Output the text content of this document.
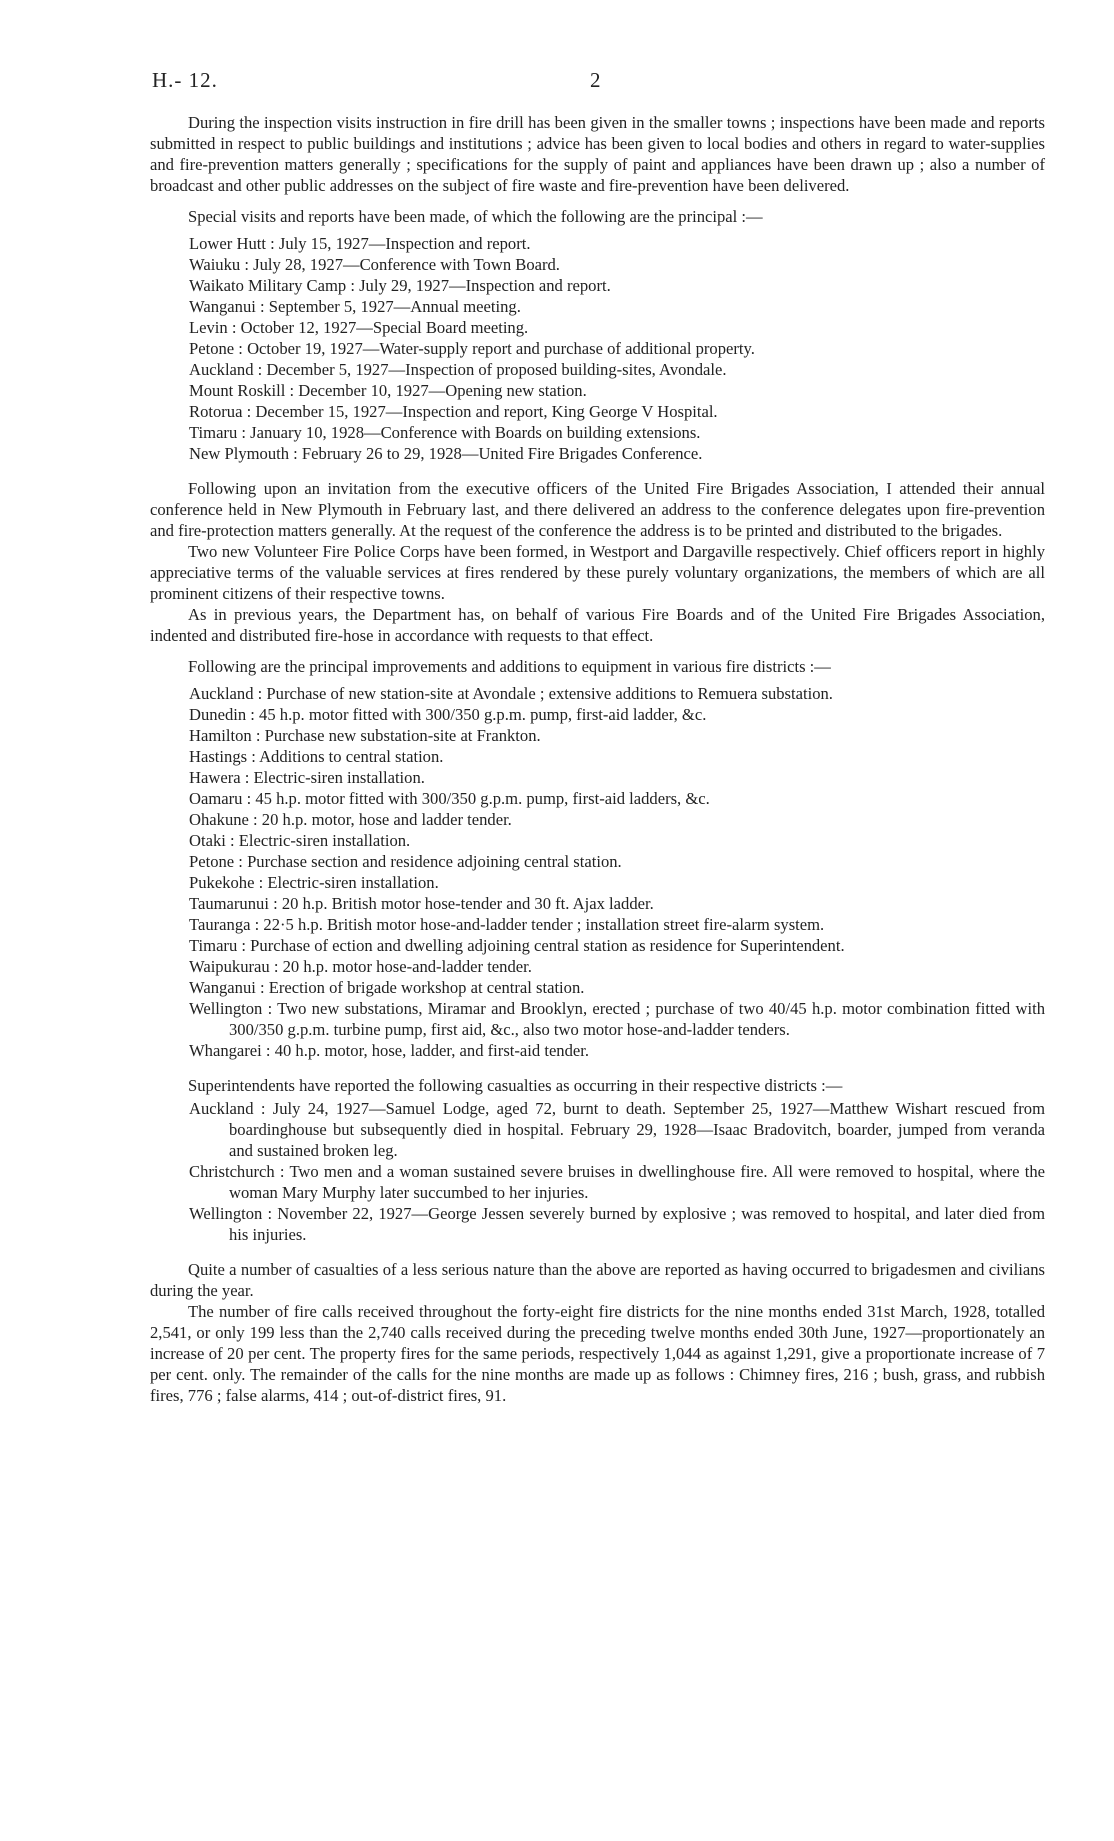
H.- 12.	2

During the inspection visits instruction in fire drill has been given in the smaller towns ; inspections have been made and reports submitted in respect to public buildings and institutions ; advice has been given to local bodies and others in regard to water-supplies and fire-prevention matters generally ; specifications for the supply of paint and appliances have been drawn up ; also a number of broadcast and other public addresses on the subject of fire waste and fire-prevention have been delivered.

Special visits and reports have been made, of which the following are the principal :—

Lower Hutt : July 15, 1927—Inspection and report.
Waiuku : July 28, 1927—Conference with Town Board.
Waikato Military Camp : July 29, 1927—Inspection and report.
Wanganui : September 5, 1927—Annual meeting.
Levin : October 12, 1927—Special Board meeting.
Petone : October 19, 1927—Water-supply report and purchase of additional property.
Auckland : December 5, 1927—Inspection of proposed building-sites, Avondale.
Mount Roskill : December 10, 1927—Opening new station.
Rotorua : December 15, 1927—Inspection and report, King George V Hospital.
Timaru : January 10, 1928—Conference with Boards on building extensions.
New Plymouth : February 26 to 29, 1928—United Fire Brigades Conference.

Following upon an invitation from the executive officers of the United Fire Brigades Association, I attended their annual conference held in New Plymouth in February last, and there delivered an address to the conference delegates upon fire-prevention and fire-protection matters generally. At the request of the conference the address is to be printed and distributed to the brigades.

Two new Volunteer Fire Police Corps have been formed, in Westport and Dargaville respectively. Chief officers report in highly appreciative terms of the valuable services at fires rendered by these purely voluntary organizations, the members of which are all prominent citizens of their respective towns.

As in previous years, the Department has, on behalf of various Fire Boards and of the United Fire Brigades Association, indented and distributed fire-hose in accordance with requests to that effect.

Following are the principal improvements and additions to equipment in various fire districts :—

Auckland : Purchase of new station-site at Avondale ; extensive additions to Remuera substation.
Dunedin : 45 h.p. motor fitted with 300/350 g.p.m. pump, first-aid ladder, &c.
Hamilton : Purchase new substation-site at Frankton.
Hastings : Additions to central station.
Hawera : Electric-siren installation.
Oamaru : 45 h.p. motor fitted with 300/350 g.p.m. pump, first-aid ladders, &c.
Ohakune : 20 h.p. motor, hose and ladder tender.
Otaki : Electric-siren installation.
Petone : Purchase section and residence adjoining central station.
Pukekohe : Electric-siren installation.
Taumarunui : 20 h.p. British motor hose-tender and 30 ft. Ajax ladder.
Tauranga : 22·5 h.p. British motor hose-and-ladder tender ; installation street fire-alarm system.
Timaru : Purchase of ection and dwelling adjoining central station as residence for Superintendent.
Waipukurau : 20 h.p. motor hose-and-ladder tender.
Wanganui : Erection of brigade workshop at central station.
Wellington : Two new substations, Miramar and Brooklyn, erected ; purchase of two 40/45 h.p. motor combination fitted with 300/350 g.p.m. turbine pump, first aid, &c., also two motor hose-and-ladder tenders.
Whangarei : 40 h.p. motor, hose, ladder, and first-aid tender.

Superintendents have reported the following casualties as occurring in their respective districts :—

Auckland : July 24, 1927—Samuel Lodge, aged 72, burnt to death. September 25, 1927—Matthew Wishart rescued from boardinghouse but subsequently died in hospital. February 29, 1928—Isaac Bradovitch, boarder, jumped from veranda and sustained broken leg.
Christchurch : Two men and a woman sustained severe bruises in dwellinghouse fire. All were removed to hospital, where the woman Mary Murphy later succumbed to her injuries.
Wellington : November 22, 1927—George Jessen severely burned by explosive ; was removed to hospital, and later died from his injuries.

Quite a number of casualties of a less serious nature than the above are reported as having occurred to brigadesmen and civilians during the year.

The number of fire calls received throughout the forty-eight fire districts for the nine months ended 31st March, 1928, totalled 2,541, or only 199 less than the 2,740 calls received during the preceding twelve months ended 30th June, 1927—proportionately an increase of 20 per cent. The property fires for the same periods, respectively 1,044 as against 1,291, give a proportionate increase of 7 per cent. only. The remainder of the calls for the nine months are made up as follows : Chimney fires, 216 ; bush, grass, and rubbish fires, 776 ; false alarms, 414 ; out-of-district fires, 91.
